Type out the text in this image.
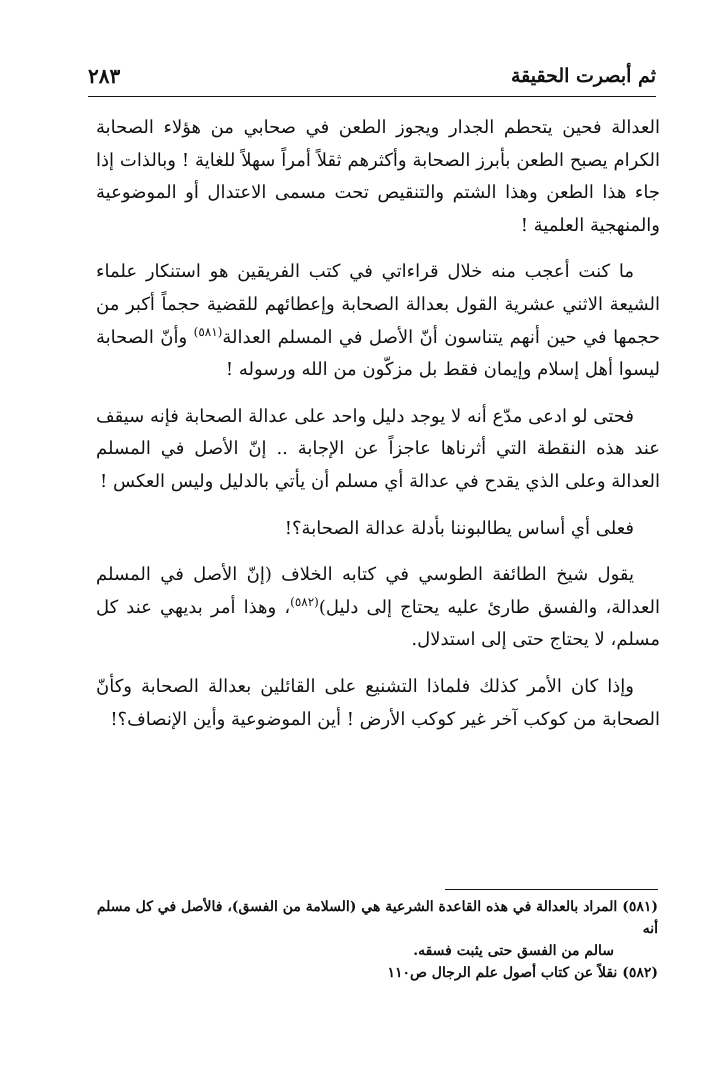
ثم أبصرت الحقيقة
٢٨٣

العدالة فحين يتحطم الجدار ويجوز الطعن في صحابي من هؤلاء الصحابة الكرام يصبح الطعن بأبرز الصحابة وأكثرهم ثقلاً أمراً سهلاً للغاية ! وبالذات إذا جاء هذا الطعن وهذا الشتم والتنقيص تحت مسمى الاعتدال أو الموضوعية والمنهجية العلمية !

ما كنت أعجب منه خلال قراءاتي في كتب الفريقين هو استنكار علماء الشيعة الاثني عشرية القول بعدالة الصحابة وإعطائهم للقضية حجماً أكبر من حجمها في حين أنهم يتناسون أنّ الأصل في المسلم العدالة$^{(٥٨١)}$ وأنّ الصحابة ليسوا أهل إسلام وإيمان فقط بل مزكّون من الله ورسوله !

فحتى لو ادعى مدّع أنه لا يوجد دليل واحد على عدالة الصحابة فإنه سيقف عند هذه النقطة التي أثرناها عاجزاً عن الإجابة .. إنّ الأصل في المسلم العدالة وعلى الذي يقدح في عدالة أي مسلم أن يأتي بالدليل وليس العكس !

فعلى أي أساس يطالبوننا بأدلة عدالة الصحابة؟!

يقول شيخ الطائفة الطوسي في كتابه الخلاف (إنّ الأصل في المسلم العدالة، والفسق طارئ عليه يحتاج إلى دليل)$^{(٥٨٢)}$، وهذا أمر بديهي عند كل مسلم، لا يحتاج حتى إلى استدلال.

وإذا كان الأمر كذلك فلماذا التشنيع على القائلين بعدالة الصحابة وكأنّ الصحابة من كوكب آخر غير كوكب الأرض ! أين الموضوعية وأين الإنصاف؟!

(٥٨١) المراد بالعدالة في هذه القاعدة الشرعية هي (السلامة من الفسق)، فالأصل في كل مسلم أنه

سالم من الفسق حتى يثبت فسقه.

(٥٨٢) نقلاً عن كتاب أصول علم الرجال ص١١٠
